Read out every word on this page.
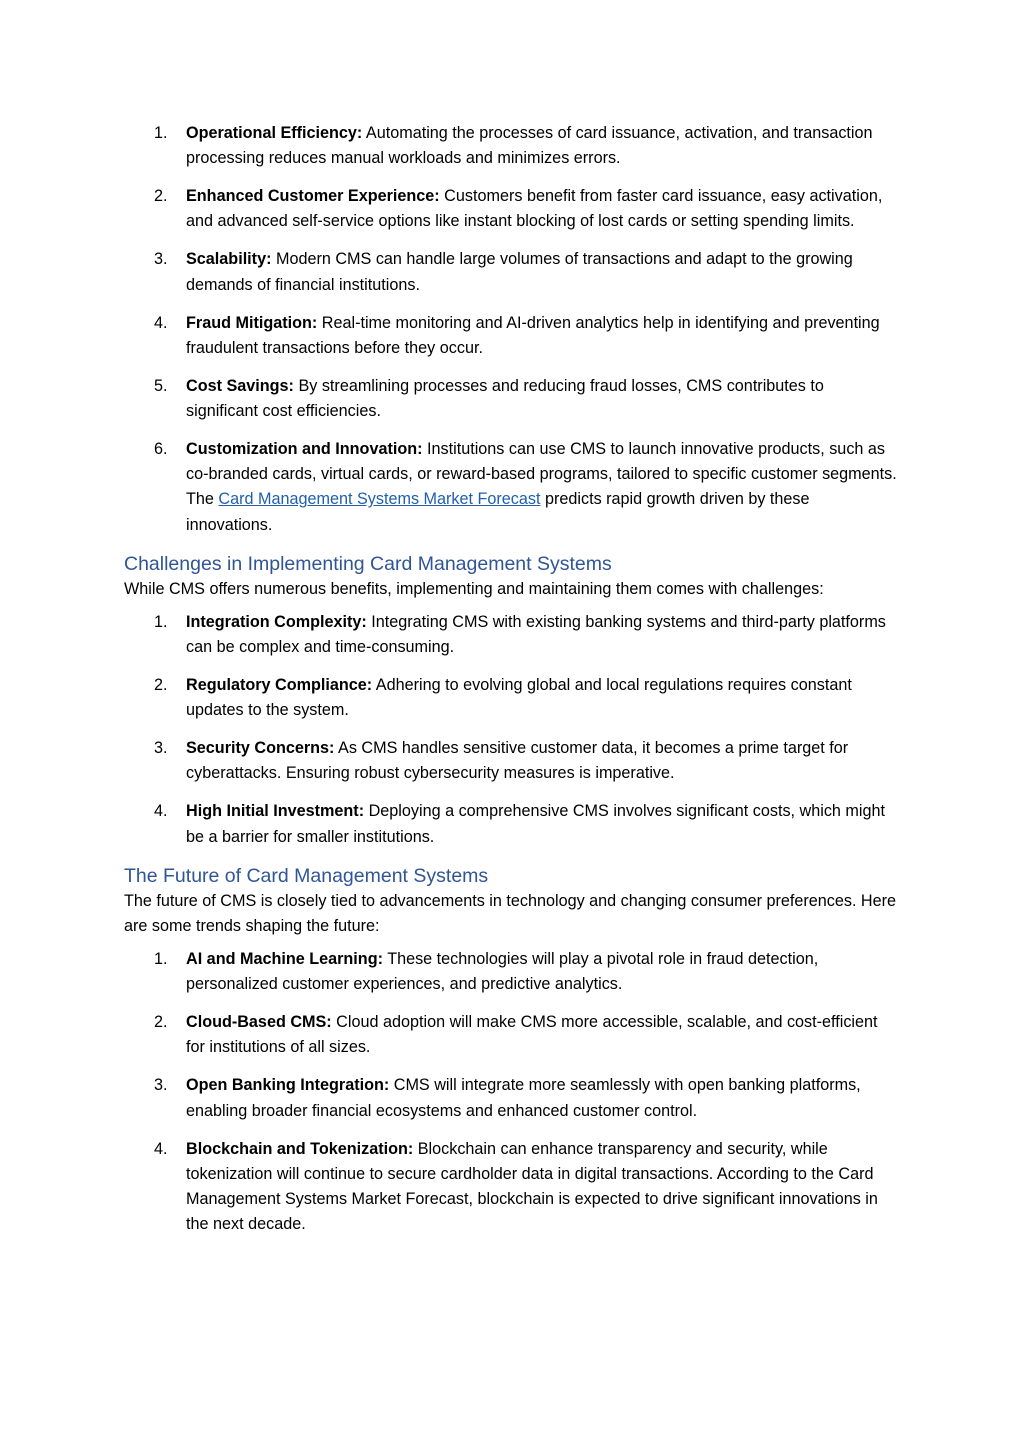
1. Operational Efficiency: Automating the processes of card issuance, activation, and transaction processing reduces manual workloads and minimizes errors.
2. Enhanced Customer Experience: Customers benefit from faster card issuance, easy activation, and advanced self-service options like instant blocking of lost cards or setting spending limits.
3. Scalability: Modern CMS can handle large volumes of transactions and adapt to the growing demands of financial institutions.
4. Fraud Mitigation: Real-time monitoring and AI-driven analytics help in identifying and preventing fraudulent transactions before they occur.
5. Cost Savings: By streamlining processes and reducing fraud losses, CMS contributes to significant cost efficiencies.
6. Customization and Innovation: Institutions can use CMS to launch innovative products, such as co-branded cards, virtual cards, or reward-based programs, tailored to specific customer segments. The Card Management Systems Market Forecast predicts rapid growth driven by these innovations.
Challenges in Implementing Card Management Systems

While CMS offers numerous benefits, implementing and maintaining them comes with challenges:

1. Integration Complexity: Integrating CMS with existing banking systems and third-party platforms can be complex and time-consuming.
2. Regulatory Compliance: Adhering to evolving global and local regulations requires constant updates to the system.
3. Security Concerns: As CMS handles sensitive customer data, it becomes a prime target for cyberattacks. Ensuring robust cybersecurity measures is imperative.
4. High Initial Investment: Deploying a comprehensive CMS involves significant costs, which might be a barrier for smaller institutions.
The Future of Card Management Systems

The future of CMS is closely tied to advancements in technology and changing consumer preferences. Here are some trends shaping the future:

1. AI and Machine Learning: These technologies will play a pivotal role in fraud detection, personalized customer experiences, and predictive analytics.
2. Cloud-Based CMS: Cloud adoption will make CMS more accessible, scalable, and cost-efficient for institutions of all sizes.
3. Open Banking Integration: CMS will integrate more seamlessly with open banking platforms, enabling broader financial ecosystems and enhanced customer control.
4. Blockchain and Tokenization: Blockchain can enhance transparency and security, while tokenization will continue to secure cardholder data in digital transactions. According to the Card Management Systems Market Forecast, blockchain is expected to drive significant innovations in the next decade.
